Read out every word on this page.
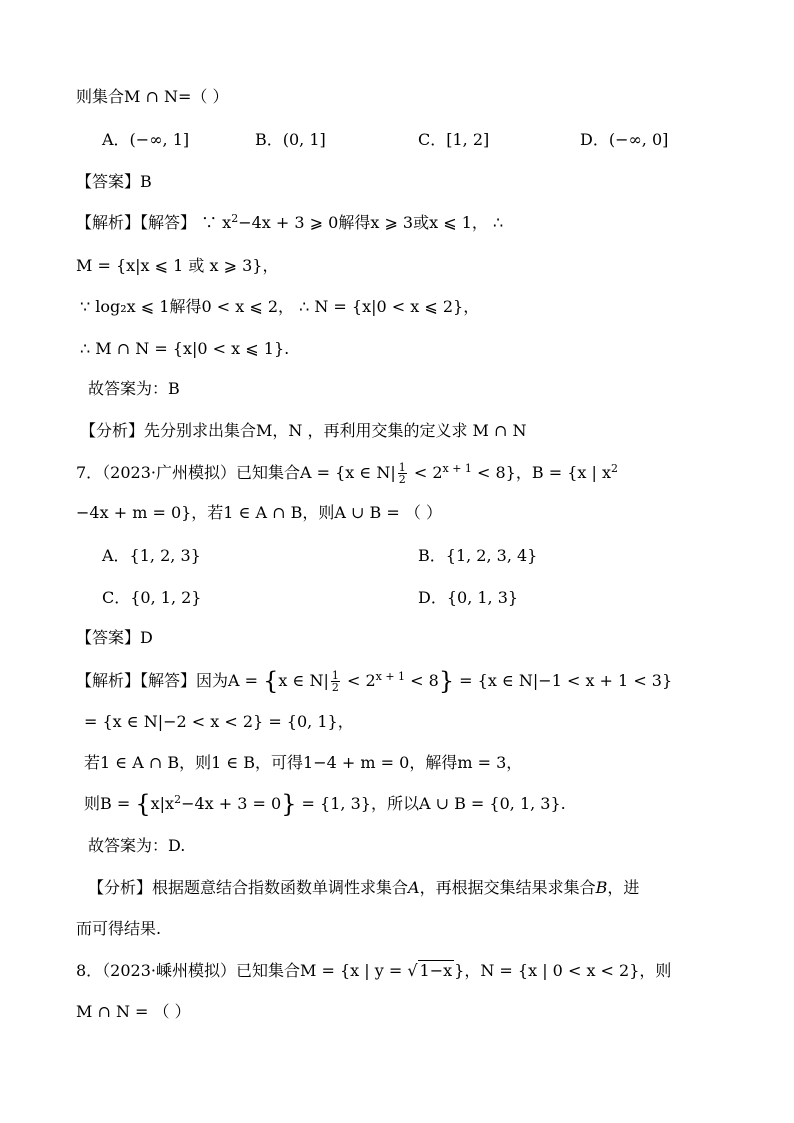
则集合M ∩ N=（ ）
A．(−∞, 1]	B．(0, 1]	C．[1, 2]	D．(−∞, 0]
【答案】B
【解析】【解答】 ∵ $x^2-4x + 3$ ⩾ 0解得x ⩾ 3或x ⩽ 1， ∴
M = {x|x ⩽ 1 或 x ⩾ 3}，
∵ log₂x ⩽ 1解得0 < x ⩽ 2， ∴ N = {x|0 < x ⩽ 2}，
∴ M ∩ N = {x|0 < x ⩽ 1}.
故答案为：B
【分析】先分别求出集合M，N ，再利用交集的定义求 M ∩ N
7．（2023·广州模拟）已知集合A = {x ∈ $N| \frac{1}{2} < 2^{x + 1} < 8$}，B = {x | $x^2$
−4x + m = 0}，若1 ∈ A ∩ B，则A ∪ B = （ ）
A．{1, 2, 3}	B．{1, 2, 3, 4}
C．{0, 1, 2}	D．{0, 1, 3}
【答案】D
【解析】【解答】因为A = {x ∈ $N| \frac{1}{2} < 2^{x + 1} < 8\} = \{x$ ∈ N|−1 < x + 1 < 3}
= {x ∈ N|−2 < x < 2} = {0, 1}，
若1 ∈ A ∩ B，则1 ∈ B，可得1−4 + m = 0，解得m = 3，
则$B = \{x|x^2-4x + 3 = 0\} = \{1$, 3}，所以A ∪ B = {0, 1, 3}.
故答案为：D.
【分析】根据题意结合指数函数单调性求集合A，再根据交集结果求集合B，进
而可得结果.
8．（2023·嵊州模拟）已知集合M = {x | y = √ 1−x }，N = {x | 0 < x < 2}，则
M ∩ N = （ ）
